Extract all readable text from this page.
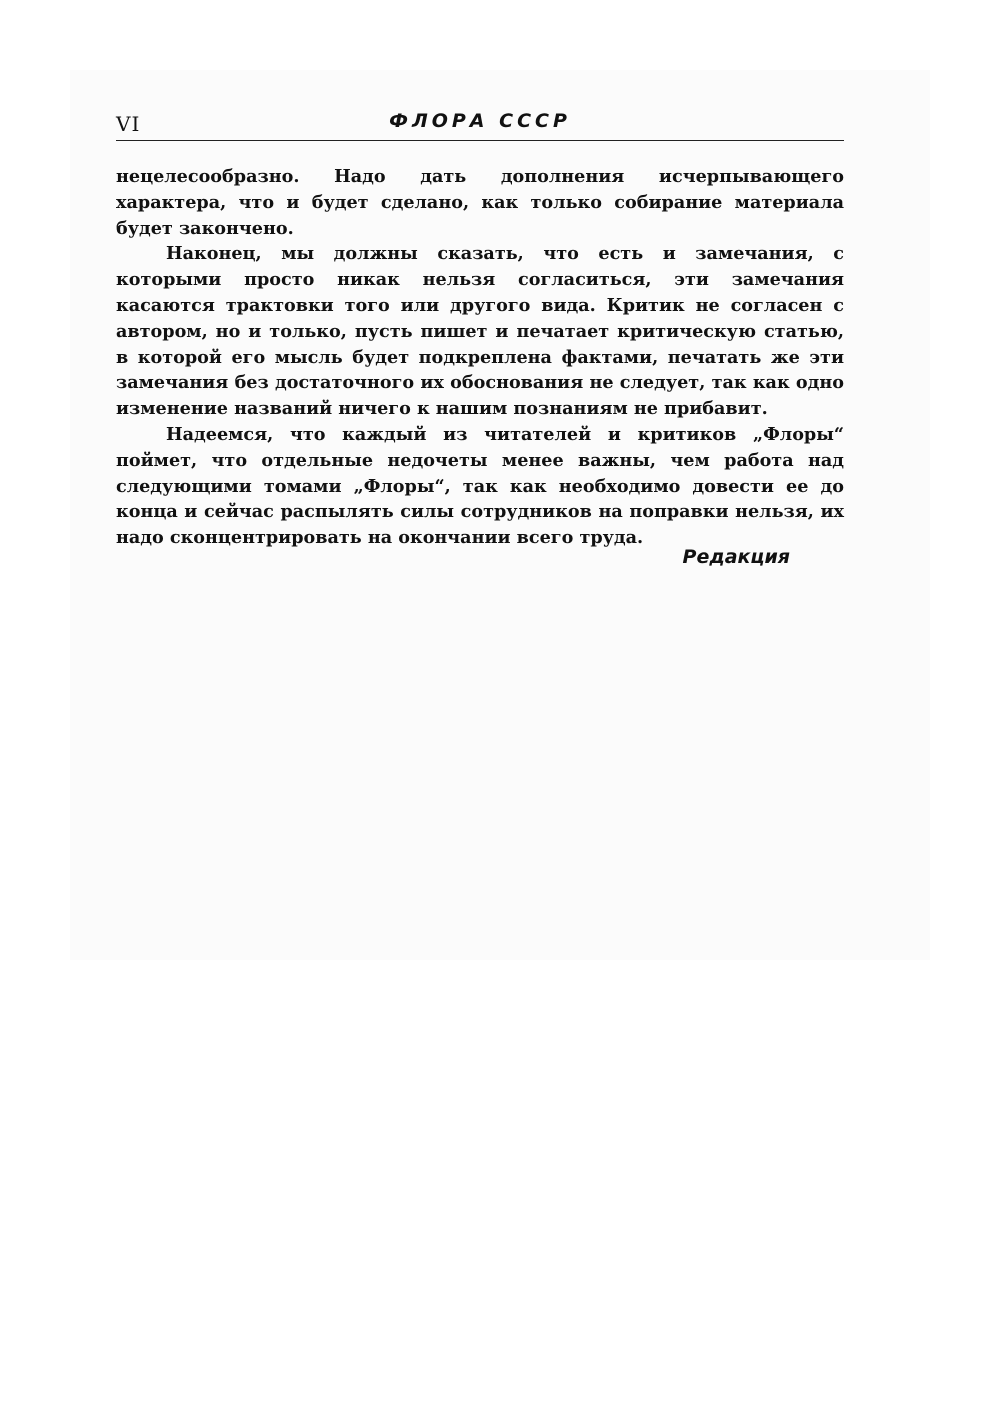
VI	ФЛОРА СССР

нецелесообразно. Надо дать дополнения исчерпывающего характера, что и будет сделано, как только собирание материала будет закончено.

Наконец, мы должны сказать, что есть и замечания, с которыми просто никак нельзя согласиться, эти замечания касаются трактовки того или другого вида. Критик не согласен с автором, но и только, пусть пишет и печатает критическую статью, в которой его мысль будет подкреплена фактами, печатать же эти замечания без достаточного их обоснования не следует, так как одно изменение названий ничего к нашим познаниям не прибавит.

Надеемся, что каждый из читателей и критиков „Флоры“ поймет, что отдельные недочеты менее важны, чем работа над следующими томами „Флоры“, так как необходимо довести ее до конца и сейчас распылять силы сотрудников на поправки нельзя, их надо сконцентрировать на окончании всего труда.

Редакция
